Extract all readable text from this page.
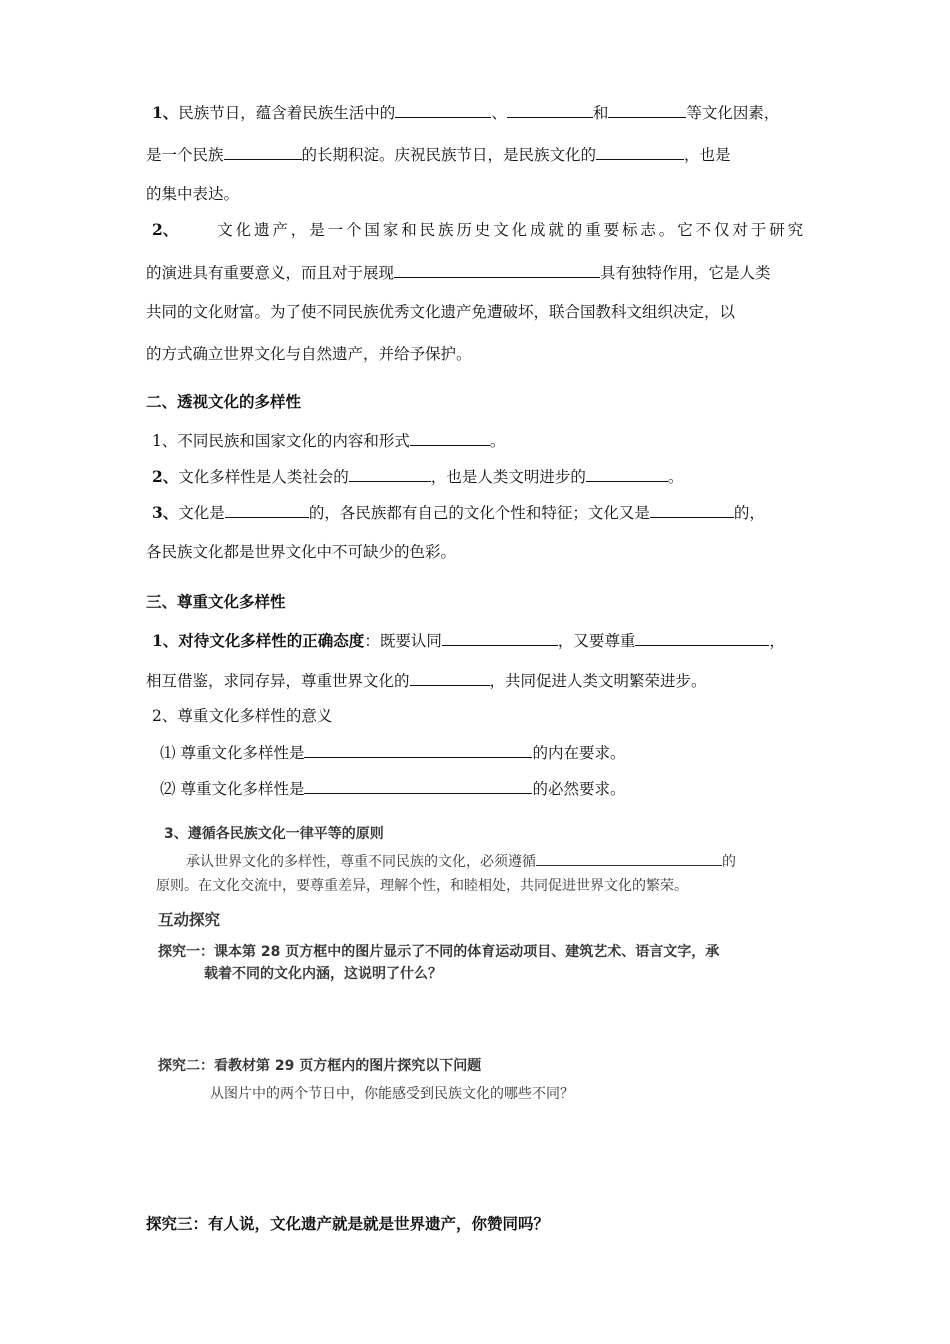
1、民族节日，蕴含着民族生活中的	、	和	等文化因素，
是一个民族	的长期积淀。庆祝民族节日，是民族文化的	，也是
的集中表达。
2、	文化遗产，是一个国家和民族历史文化成就的重要标志。它不仅对于研究
的演进具有重要意义，而且对于展现	具有独特作用，它是人类
共同的文化财富。为了使不同民族优秀文化遗产免遭破坏，联合国教科文组织决定，以
的方式确立世界文化与自然遗产，并给予保护。
二、透视文化的多样性
1、不同民族和国家文化的内容和形式	。
2、文化多样性是人类社会的	，也是人类文明进步的	。
3、文化是	的，各民族都有自己的文化个性和特征；文化又是	的，
各民族文化都是世界文化中不可缺少的色彩。
三、尊重文化多样性
1、对待文化多样性的正确态度：既要认同	，又要尊重	，
相互借鉴，求同存异，尊重世界文化的	，共同促进人类文明繁荣进步。
2、尊重文化多样性的意义
⑴ 尊重文化多样性是	的内在要求。
⑵ 尊重文化多样性是	的必然要求。
3、遵循各民族文化一律平等的原则
承认世界文化的多样性，尊重不同民族的文化，必须遵循	的
原则。在文化交流中，要尊重差异，理解个性，和睦相处，共同促进世界文化的繁荣。
互动探究
探究一：课本第 28 页方框中的图片显示了不同的体育运动项目、建筑艺术、语言文字，承
载着不同的文化内涵，这说明了什么？
探究二：看教材第 29 页方框内的图片探究以下问题
从图片中的两个节日中，你能感受到民族文化的哪些不同？
探究三：有人说，文化遗产就是就是世界遗产，你赞同吗？
